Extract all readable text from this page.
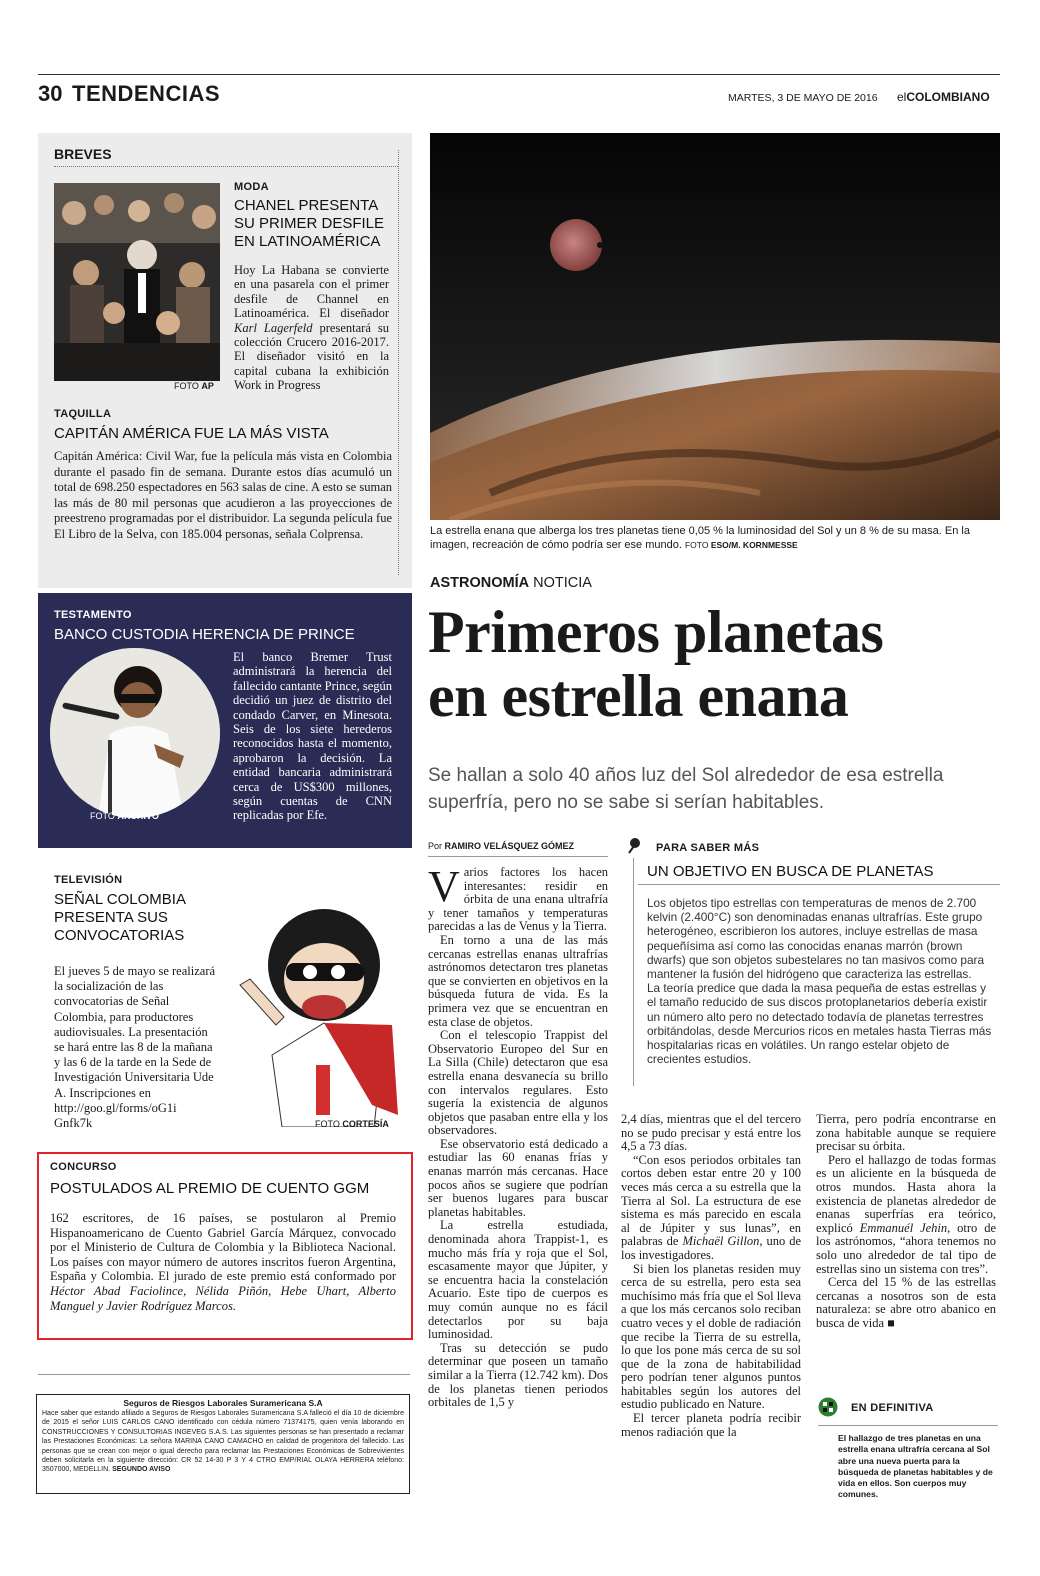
30 TENDENCIAS	MARTES, 3 DE MAYO DE 2016 elCOLOMBIANO
BREVES
FOTO AP
MODA
CHANEL PRESENTA SU PRIMER DESFILE EN LATINOAMÉRICA
Hoy La Habana se convierte en una pasarela con el primer desfile de Channel en Latinoamérica. El diseñador Karl Lagerfeld presentará su colección Crucero 2016-2017. El diseñador visitó en la capital cubana la exhibición Work in Progress
TAQUILLA
CAPITÁN AMÉRICA FUE LA MÁS VISTA
Capitán América: Civil War, fue la película más vista en Colombia durante el pasado fin de semana. Durante estos días acumuló un total de 698.250 espectadores en 563 salas de cine. A esto se suman las más de 80 mil personas que acudieron a las proyecciones de preestreno programadas por el distribuidor. La segunda película fue El Libro de la Selva, con 185.004 personas, señala Colprensa.
TESTAMENTO
BANCO CUSTODIA HERENCIA DE PRINCE
FOTO ARCHIVO
El banco Bremer Trust administrará la herencia del fallecido cantante Prince, según decidió un juez de distrito del condado Carver, en Minesota. Seis de los siete herederos reconocidos hasta el momento, aprobaron la decisión. La entidad bancaria administrará cerca de US$300 millones, según cuentas de CNN replicadas por Efe.
TELEVISIÓN
SEÑAL COLOMBIA PRESENTA SUS CONVOCATORIAS
El jueves 5 de mayo se realizará la socialización de las convocatorias de Señal Colombia, para productores audiovisuales. La presentación se hará entre las 8 de la mañana y las 6 de la tarde en la Sede de Investigación Universitaria Ude A. Inscripciones en http://goo.gl/forms/oG1i Gnfk7k	FOTO CORTESÍA
CONCURSO
POSTULADOS AL PREMIO DE CUENTO GGM
162 escritores, de 16 países, se postularon al Premio Hispanoamericano de Cuento Gabriel García Márquez, convocado por el Ministerio de Cultura de Colombia y la Biblioteca Nacional. Los países con mayor número de autores inscritos fueron Argentina, España y Colombia. El jurado de este premio está conformado por Héctor Abad Faciolince, Nélida Piñón, Hebe Uhart, Alberto Manguel y Javier Rodríguez Marcos.
Seguros de Riesgos Laborales Suramericana S.A
Hace saber que estando afiliado a Seguros de Riesgos Laborales Suramericana S.A falleció el día 10 de diciembre de 2015 el señor LUIS CARLOS CANO identificado con cédula número 71374175, quien venía laborando en CONSTRUCCIONES Y CONSULTORIAS INGEVEG S.A.S. Las siguientes personas se han presentado a reclamar las Prestaciones Económicas: La señora MARINA CANO CAMACHO en calidad de progenitora del fallecido. Las personas que se crean con mejor o igual derecho para reclamar las Prestaciones Económicas de Sobrevivientes deben solicitarla en la siguiente dirección: CR 52 14-30 P 3 Y 4 CTRO EMP/RIAL OLAYA HERRERA teléfono: 3507000, MEDELLIN. SEGUNDO AVISO
La estrella enana que alberga los tres planetas tiene 0,05 % la luminosidad del Sol y un 8 % de su masa. En la imagen, recreación de cómo podría ser ese mundo. FOTO ESO/M. KORNMESSE
ASTRONOMÍA NOTICIA
Primeros planetas
en estrella enana
Se hallan a solo 40 años luz del Sol alrededor de esa estrella superfría, pero no se sabe si serían habitables.
Por RAMIRO VELÁSQUEZ GÓMEZ

Varios factores los hacen interesantes: residir en órbita de una enana ultrafría y tener tamaños y temperaturas parecidas a las de Venus y la Tierra.

En torno a una de las más cercanas estrellas enanas ultrafrías astrónomos detectaron tres planetas que se convierten en objetivos en la búsqueda futura de vida. Es la primera vez que se encuentran en esta clase de objetos.

Con el telescopio Trappist del Observatorio Europeo del Sur en La Silla (Chile) detectaron que esa estrella enana desvanecía su brillo con intervalos regulares. Esto sugería la existencia de algunos objetos que pasaban entre ella y los observadores.

Ese observatorio está dedicado a estudiar las 60 enanas frías y enanas marrón más cercanas. Hace pocos años se sugiere que podrían ser buenos lugares para buscar planetas habitables.

La estrella estudiada, denominada ahora Trappist-1, es mucho más fría y roja que el Sol, escasamente mayor que Júpiter, y se encuentra hacia la constelación Acuario. Este tipo de cuerpos es muy común aunque no es fácil detectarlos por su baja luminosidad.

Tras su detección se pudo determinar que poseen un tamaño similar a la Tierra (12.742 km). Dos de los planetas tienen periodos orbitales de 1,5 y

PARA SABER MÁS
UN OBJETIVO EN BUSCA DE PLANETAS
Los objetos tipo estrellas con temperaturas de menos de 2.700 kelvin (2.400°C) son denominadas enanas ultrafrías. Este grupo heterogéneo, escribieron los autores, incluye estrellas de masa pequeñísima así como las conocidas enanas marrón (brown dwarfs) que son objetos subestelares no tan masivos como para mantener la fusión del hidrógeno que caracteriza las estrellas.
La teoría predice que dada la masa pequeña de estas estrellas y el tamaño reducido de sus discos protoplanetarios debería existir un número alto pero no detectado todavía de planetas terrestres orbitándolas, desde Mercurios ricos en metales hasta Tierras más hospitalarias ricas en volátiles. Un rango estelar objeto de crecientes estudios.

2,4 días, mientras que el del tercero no se pudo precisar y está entre los 4,5 a 73 días.

“Con esos periodos orbitales tan cortos deben estar entre 20 y 100 veces más cerca a su estrella que la Tierra al Sol. La estructura de ese sistema es más parecido en escala al de Júpiter y sus lunas”, en palabras de Michaël Gillon, uno de los investigadores.

Si bien los planetas residen muy cerca de su estrella, pero esta sea muchísimo más fría que el Sol lleva a que los más cercanos solo reciban cuatro veces y el doble de radiación que recibe la Tierra de su estrella, lo que los pone más cerca de su sol que de la zona de habitabilidad pero podrían tener algunos puntos habitables según los autores del estudio publicado en Nature.

El tercer planeta podría recibir menos radiación que la

Tierra, pero podría encontrarse en zona habitable aunque se requiere precisar su órbita.

Pero el hallazgo de todas formas es un aliciente en la búsqueda de otros mundos. Hasta ahora la existencia de planetas alrededor de enanas superfrías era teórico, explicó Emmanuél Jehin, otro de los astrónomos, “ahora tenemos no solo uno alrededor de tal tipo de estrellas sino un sistema con tres”.

Cerca del 15 % de las estrellas cercanas a nosotros son de esta naturaleza: se abre otro abanico en busca de vida ■

EN DEFINITIVA
El hallazgo de tres planetas en una estrella enana ultrafría cercana al Sol abre una nueva puerta para la búsqueda de planetas habitables y de vida en ellos. Son cuerpos muy comunes.
